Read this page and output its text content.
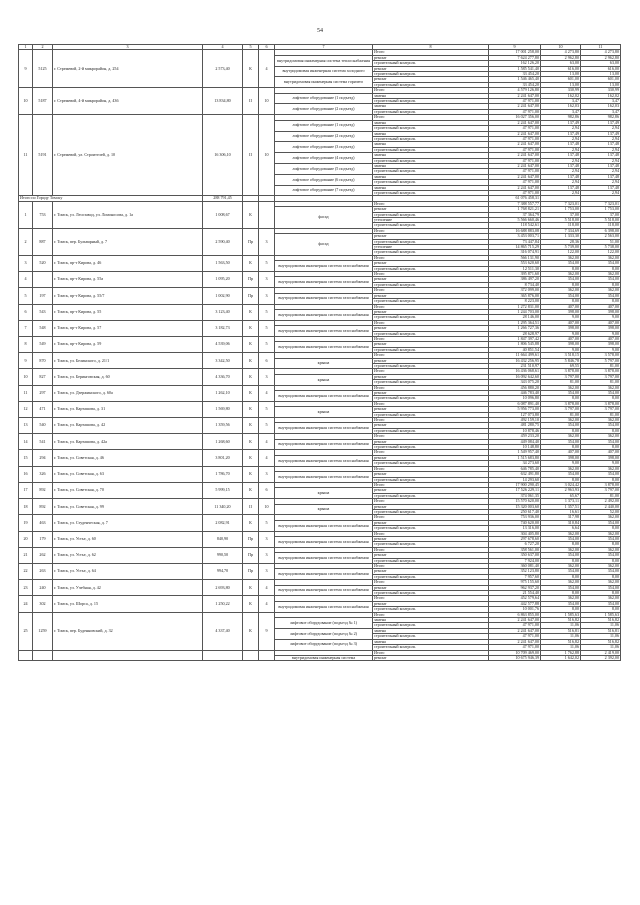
54
1	2	3	4	5	6	7	8	9	10	11
9	5125	г. Стрежевой, 2-й микрорайон, д. 254	2 573,40	К	4		Итого	17 001 258,00	4 273,80	4 273,80
						внутридомовая инженерная система теплоснабжения	ремонт	7 624 277,80	2 962,80	2 962,80
							строительный контроль	162 126,20	63,00	63,00
						внутридомовая инженерная система холодного	ремонт	1 585 541,40	616,00	616,00
							строительный контроль	33 454,20	13,00	13,00
						внутридомовая инженерная система горячего	ремонт	1 546 465,40	601,00	601,00
							строительный контроль	33 454,20	13,00	13,00
10	5187	г. Стрежевой, 4-й микрорайон, д. 436	13 834,80	II	10		Итого	4 579 126,80	330,99	330,99
						лифтовое оборудование (1 подъезд)	замена	2 241 647,00	162,02	162,02
							строительный контроль	47 971,00	3,47	3,47
						лифтовое оборудование (2 подъезд)	замена	2 241 647,00	162,03	162,03
							строительный контроль	47 971,00	3,47	3,47
11	5191	г. Стрежевой, ул. Строителей, д. 10	16 306,10	II	10		Итого	16 027 356,00	982,86	982,86
						лифтовое оборудование (1 подъезд)	замена	2 241 647,00	137,49	137,49
							строительный контроль	47 971,00	2,94	2,94
						лифтовое оборудование (2 подъезд)	замена	2 241 647,00	137,49	137,49
							строительный контроль	47 971,00	2,94	2,94
						лифтовое оборудование (3 подъезд)	замена	2 241 647,00	137,48	137,48
							строительный контроль	47 971,00	2,94	2,94
						лифтовое оборудование (4 подъезд)	замена	2 241 647,00	137,48	137,48
							строительный контроль	47 971,00	2,94	2,94
						лифтовое оборудование (5 подъезд)	замена	2 241 647,00	137,48	137,48
							строительный контроль	47 971,00	2,94	2,94
						лифтовое оборудование (6 подъезд)	замена	2 241 647,00	137,48	137,48
							строительный контроль	47 971,00	2,94	2,94
						лифтовое оборудование (7 подъезд)	замена	2 241 647,00	137,48	137,48
							строительный контроль	47 971,00	2,94	2,94
Итого по Городу Томску			288 791,45					61 076 458,31		
1	753	г. Томск, ул. Лесозавод, ул. Ломоносова, д. 1а	1 008,67	К			Итого	7 388 557,77	7 323,01	7 323,01
						фасад	ремонт	1 768 821,21	1 753,00	1 753,00
							строительный контроль	37 364,79	37,00	37,00
							утепление	5 566 660,46	5 518,00	5 518,00
							строительный контроль	118 542,61	118,00	118,00
2	887	г. Томск, пер. Бульварный, д. 7	2 590,40	Пр	3		Итого	16 688 883,08	7 334,69	6 398,00
						фасад	ремонт	3 453 003,71	1 333,30	2 563,00
							строительный контроль	73 447,84	28,36	51,00
							утепление	14 865 715,29	5 739,00	5 738,00
							строительный контроль	316 074,91	122,00	122,00
3	520	г. Томск, пр-т Кирова, д. 46	1 563,50	К	5		Итого	566 131,90	362,00	362,00
						внутридомовая инженерная система газоснабжения	ремонт	553 620,60	354,00	354,00
							строительный контроль	12 511,30	8,00	8,00
4		г. Томск, пр-т Кирова, д. 55а	1 095,20	Пр	3		Итого	395 871,60	362,00	362,00
						внутридомовая инженерная система газоснабжения	ремонт	386 497,20	354,00	354,00
							строительный контроль	8 734,40	8,00	8,00
5	197	г. Томск, пр-т Кирова, д. 55/7	1 002,90	Пр	3		Итого	372 099,00	362,00	362,00
						внутридомовая инженерная система газоснабжения	ремонт	365 876,00	354,00	354,00
							строительный контроль	8 223,00	8,00	8,00
6	543	г. Томск, пр-т Кирова, д. 55	3 123,40	К	5		Итого	1 272 831,00	407,00	407,00
						внутридомовая инженерная система газоснабжения	ремонт	1 244 703,00	398,00	398,00
							строительный контроль	28 146,00	9,00	9,00
7	548	г. Томск, пр-т Кирова, д. 57	3 182,73	К	5		Итого	1 295 364,51	407,00	407,00
						внутридомовая инженерная система газоснабжения	ремонт	1 266 727,36	398,00	398,00
							строительный контроль	28 628,97	9,00	9,00
8	549	г. Томск, пр-т Кирова, д. 59	4 539,06	К	5		Итого	1 847 397,42	407,00	407,00
						внутридомовая инженерная система газоснабжения	ремонт	1 806 545,88	398,00	398,00
							строительный контроль	40 851,54	9,00	9,00
9	870	г. Томск, ул. Белинского, д. 21/1	3 342,50	К	6		Итого	11 664 499,61	3 518,15	3 578,00
						крыша	ремонт	16 432 256,95	5 846,78	5 797,00
							строительный контроль	231 510,97	69,55	81,00
10	827	г. Томск, ул. Беринговская, д. 60	4 336,70	К	3		Итого	16 436 068,61	3 878,00	3 878,00
						крыша	ремонт	16 092 642,60	3 797,00	3 797,00
							строительный контроль	343 075,20	81,00	81,00
11	297	г. Томск, ул. Дзержинского, д. 60а	1 262,10	К	4		Итого	456 880,20	362,00	362,00
						внутридомовая инженерная система газоснабжения	ремонт	446 783,40	354,00	354,00
							строительный контроль	10 096,80	8,00	8,00
12	471	г. Томск, ул. Карташова, д. 31	1 569,80	К	5		Итого	6 087 891,40	3 878,00	3 878,00
						крыша	ремонт	5 956 773,00	3 797,00	3 797,00
							строительный контроль	127 073,80	81,00	81,00
13	540	г. Томск, ул. Карташова, д. 42	1 359,56	К	5		Итого	492 159,10	362,00	362,00
						внутридомовая инженерная система газоснабжения	ремонт	481 280,75	354,00	354,00
							строительный контроль	10 878,46	8,00	8,00
14	541	г. Томск, ул. Карташова, д. 42а	1 268,60	К	4		Итого	459 233,20	362,00	362,00
						внутридомовая инженерная система газоснабжения	ремонт	449 084,40	354,00	354,00
							строительный контроль	10 148,80	8,00	8,00
15	294	г. Томск, ул. Советская, д. 46	3 801,20	К	4		Итого	1 549 957,40	407,00	407,00
						внутридомовая инженерная система газоснабжения	ремонт	1 515 683,80	398,00	398,00
							строительный контроль	34 273,60	9,00	9,00
16	326	г. Томск, ул. Советская, д. 63	1 786,70	К	3		Итого	646 785,40	362,00	362,00
						внутридомовая инженерная система газоснабжения	ремонт	632 491,80	354,00	354,00
							строительный контроль	14 293,60	8,00	8,00
17	892	г. Томск, ул. Советская, д. 70	5 999,15	К	6		Итого	17 900 290,45	3 024,42	3 878,00
						крыша	ремонт	17 526 229,11	2 963,93	3 797,00
							строительный контроль	374 061,35	65,67	81,00
18	892	г. Томск, ул. Советская, д. 99	11 340,20	II	10		Итого	15 570 620,00	1 373,11	2 492,00
						крыша	ремонт	15 320 003,60	1 357,51	2 440,00
							строительный контроль	250 617,40	16,61	52,00
19	463	г. Томск, ул. Студенческая, д. 7	2 082,91	К	5		Итого	753 936,00	317,98	362,00
						внутридомовая инженерная система газоснабжения	ремонт	740 620,00	310,84	354,00
							строительный контроль	13 316,00	6,64	8,00
20	179	г. Томск, ул. Устье, д. 60	840,90	Пр	3		Итого	304 405,80	362,00	362,00
						внутридомовая инженерная система газоснабжения	ремонт	297 678,60	354,00	354,00
							строительный контроль	6 727,20	8,00	8,00
21	262	г. Томск, ул. Устье, д. 62	990,50	Пр	3		Итого	358 561,00	362,00	362,00
						внутридомовая инженерная система газоснабжения	ремонт	350 637,00	354,00	354,00
							строительный контроль	7 924,00	8,00	8,00
22	263	г. Томск, ул. Устье, д. 64	994,70	Пр	3		Итого	360 081,40	362,00	362,00
						внутридомовая инженерная система газоснабжения	ремонт	352 123,80	354,00	354,00
							строительный контроль	7 957,60	8,00	8,00
23	240	г. Томск, ул. Учебная, д. 42	2 693,80	К	4		Итого	975 155,60	362,00	362,00
						внутридомовая инженерная система газоснабжения	ремонт	962 937,20	354,00	354,00
							строительный контроль	21 554,40	8,00	8,00
24	302	г. Томск, ул. Шорса, д. 15	1 250,22	К	4		Итого	452 579,64	362,00	362,00
						внутридомовая инженерная система газоснабжения	ремонт	442 577,88	354,00	354,00
							строительный контроль	10 001,76	8,00	8,00
25	1259	г. Томск, пер. Буденновский, д. 32	4 337,40	К	9		Итого	6 863 855,00	1 585,63	1 585,63
						лифтовое оборудование (подъезд № 1)	замена	2 241 647,00	516,82	516,82
							строительный контроль	47 971,00	11,06	11,06
						лифтовое оборудование (подъезд № 2)	замена	2 241 647,00	516,81	516,81
							строительный контроль	47 971,00	11,06	11,06
						лифтовое оборудование (подъезд № 3)	замена	2 241 647,00	516,82	516,82
							строительный контроль	47 971,00	11,06	11,06
							Итого	10 709 469,00	1 762,88	2 419,00
						внутридомовая инженерная система	ремонт	10 675 946,39	1 642,02	2 392,00
